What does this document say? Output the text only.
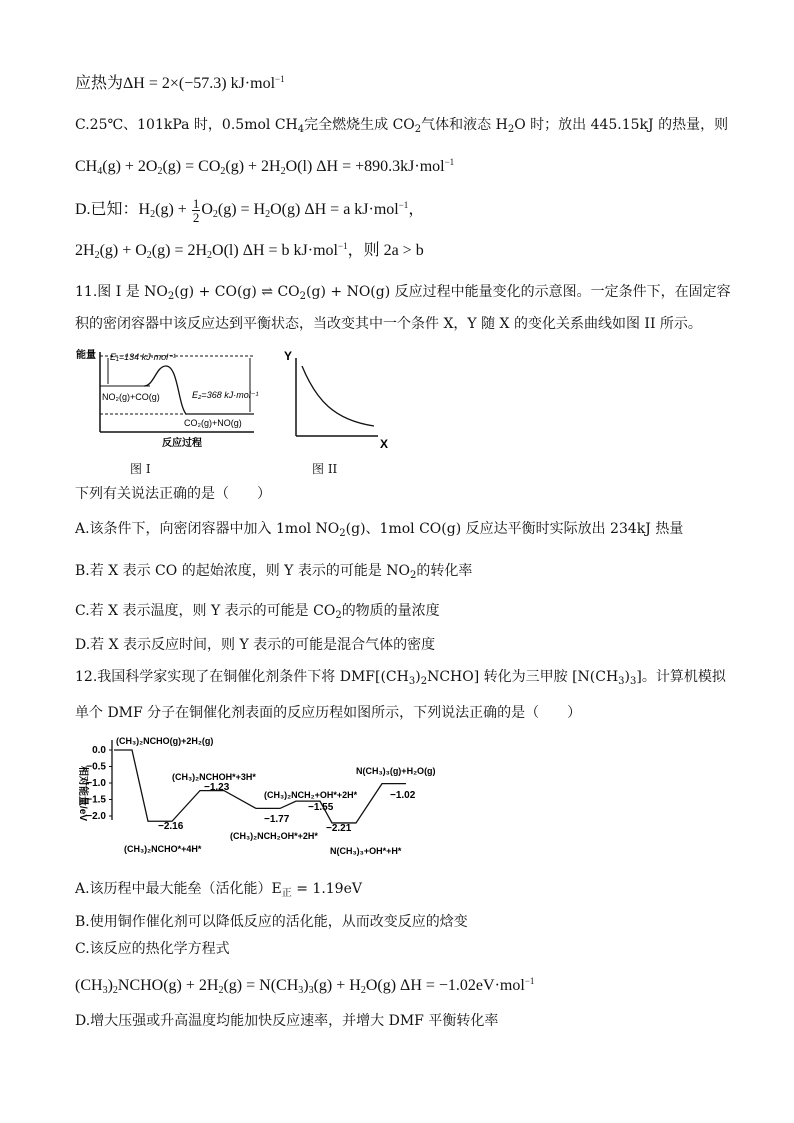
应热为ΔH = 2×(−57.3) kJ·mol$^{-1}$
C.25℃、101kPa 时，0.5mol $CH_4$完全燃烧生成 $CO_2$气体和液态 $H_2O$ 时；放出 445.15kJ 的热量，则
$CH_4(g) + 2O_2(g) = CO_2(g) + 2H_2O(l) \Delta H = +890.3kJ\cdot mol^{-1}$
D.已知：$H_2(g) + \frac{1}{2} O_2(g) = H_2O(g) \Delta H = a$ kJ·mol$^{-1}$，
$2H_2(g) + O_2(g) = 2H_2O(l) \Delta H = b$ kJ·mol$^{-1}$，则 2a > b
11.图 I 是 $NO_2(g) + CO(g)$ ⇌ $CO_2(g) + NO(g)$ 反应过程中能量变化的示意图。一定条件下，在固定容
积的密闭容器中该反应达到平衡状态，当改变其中一个条件 X，Y 随 X 的变化关系曲线如图 II 所示。
能量 E₁=134 kJ·mol⁻¹
E₂=368 kJ·mol⁻¹
NO₂(g)+CO(g)
CO₂(g)+NO(g)
反应过程
图 I
Y
X
图 II
下列有关说法正确的是（　　）
A.该条件下，向密闭容器中加入 1mol $NO_2(g)$、1mol CO(g) 反应达平衡时实际放出 234kJ 热量
B.若 X 表示 CO 的起始浓度，则 Y 表示的可能是 $NO_2$的转化率
C.若 X 表示温度，则 Y 表示的可能是 $CO_2$的物质的量浓度
D.若 X 表示反应时间，则 Y 表示的可能是混合气体的密度
12.我国科学家实现了在铜催化剂条件下将 $DMF[(CH_3)_2NCHO]$ 转化为三甲胺 $[N(CH_3)_3]$。计算机模拟
单个 DMF 分子在铜催化剂表面的反应历程如图所示，下列说法正确的是（　　）
相对能量/eV
0.0
−0.5
−1.0
−1.5
−2.0
(CH₃)₂NCHO(g)+2H₂(g)
(CH₃)₂NCHO*+4H*
(CH₃)₂NCHOH*+3H*
(CH₃)₂NCH₂OH*+2H*
(CH₃)₂NCH₂+OH*+2H*
N(CH₃)₃+OH*+H*
N(CH₃)₃(g)+H₂O(g)
−2.16
−1.23
−1.77
−1.55
−2.21
−1.02
A.该历程中最大能垒（活化能）$E_正 = 1.19eV$
B.使用铜作催化剂可以降低反应的活化能，从而改变反应的焓变
C.该反应的热化学方程式
$(CH_3)_2NCHO(g) + 2H_2(g) = N(CH_3)_3(g) + H_2O(g) \Delta H = -1.02eV\cdot mol^{-1}$
D.增大压强或升高温度均能加快反应速率，并增大 DMF 平衡转化率
